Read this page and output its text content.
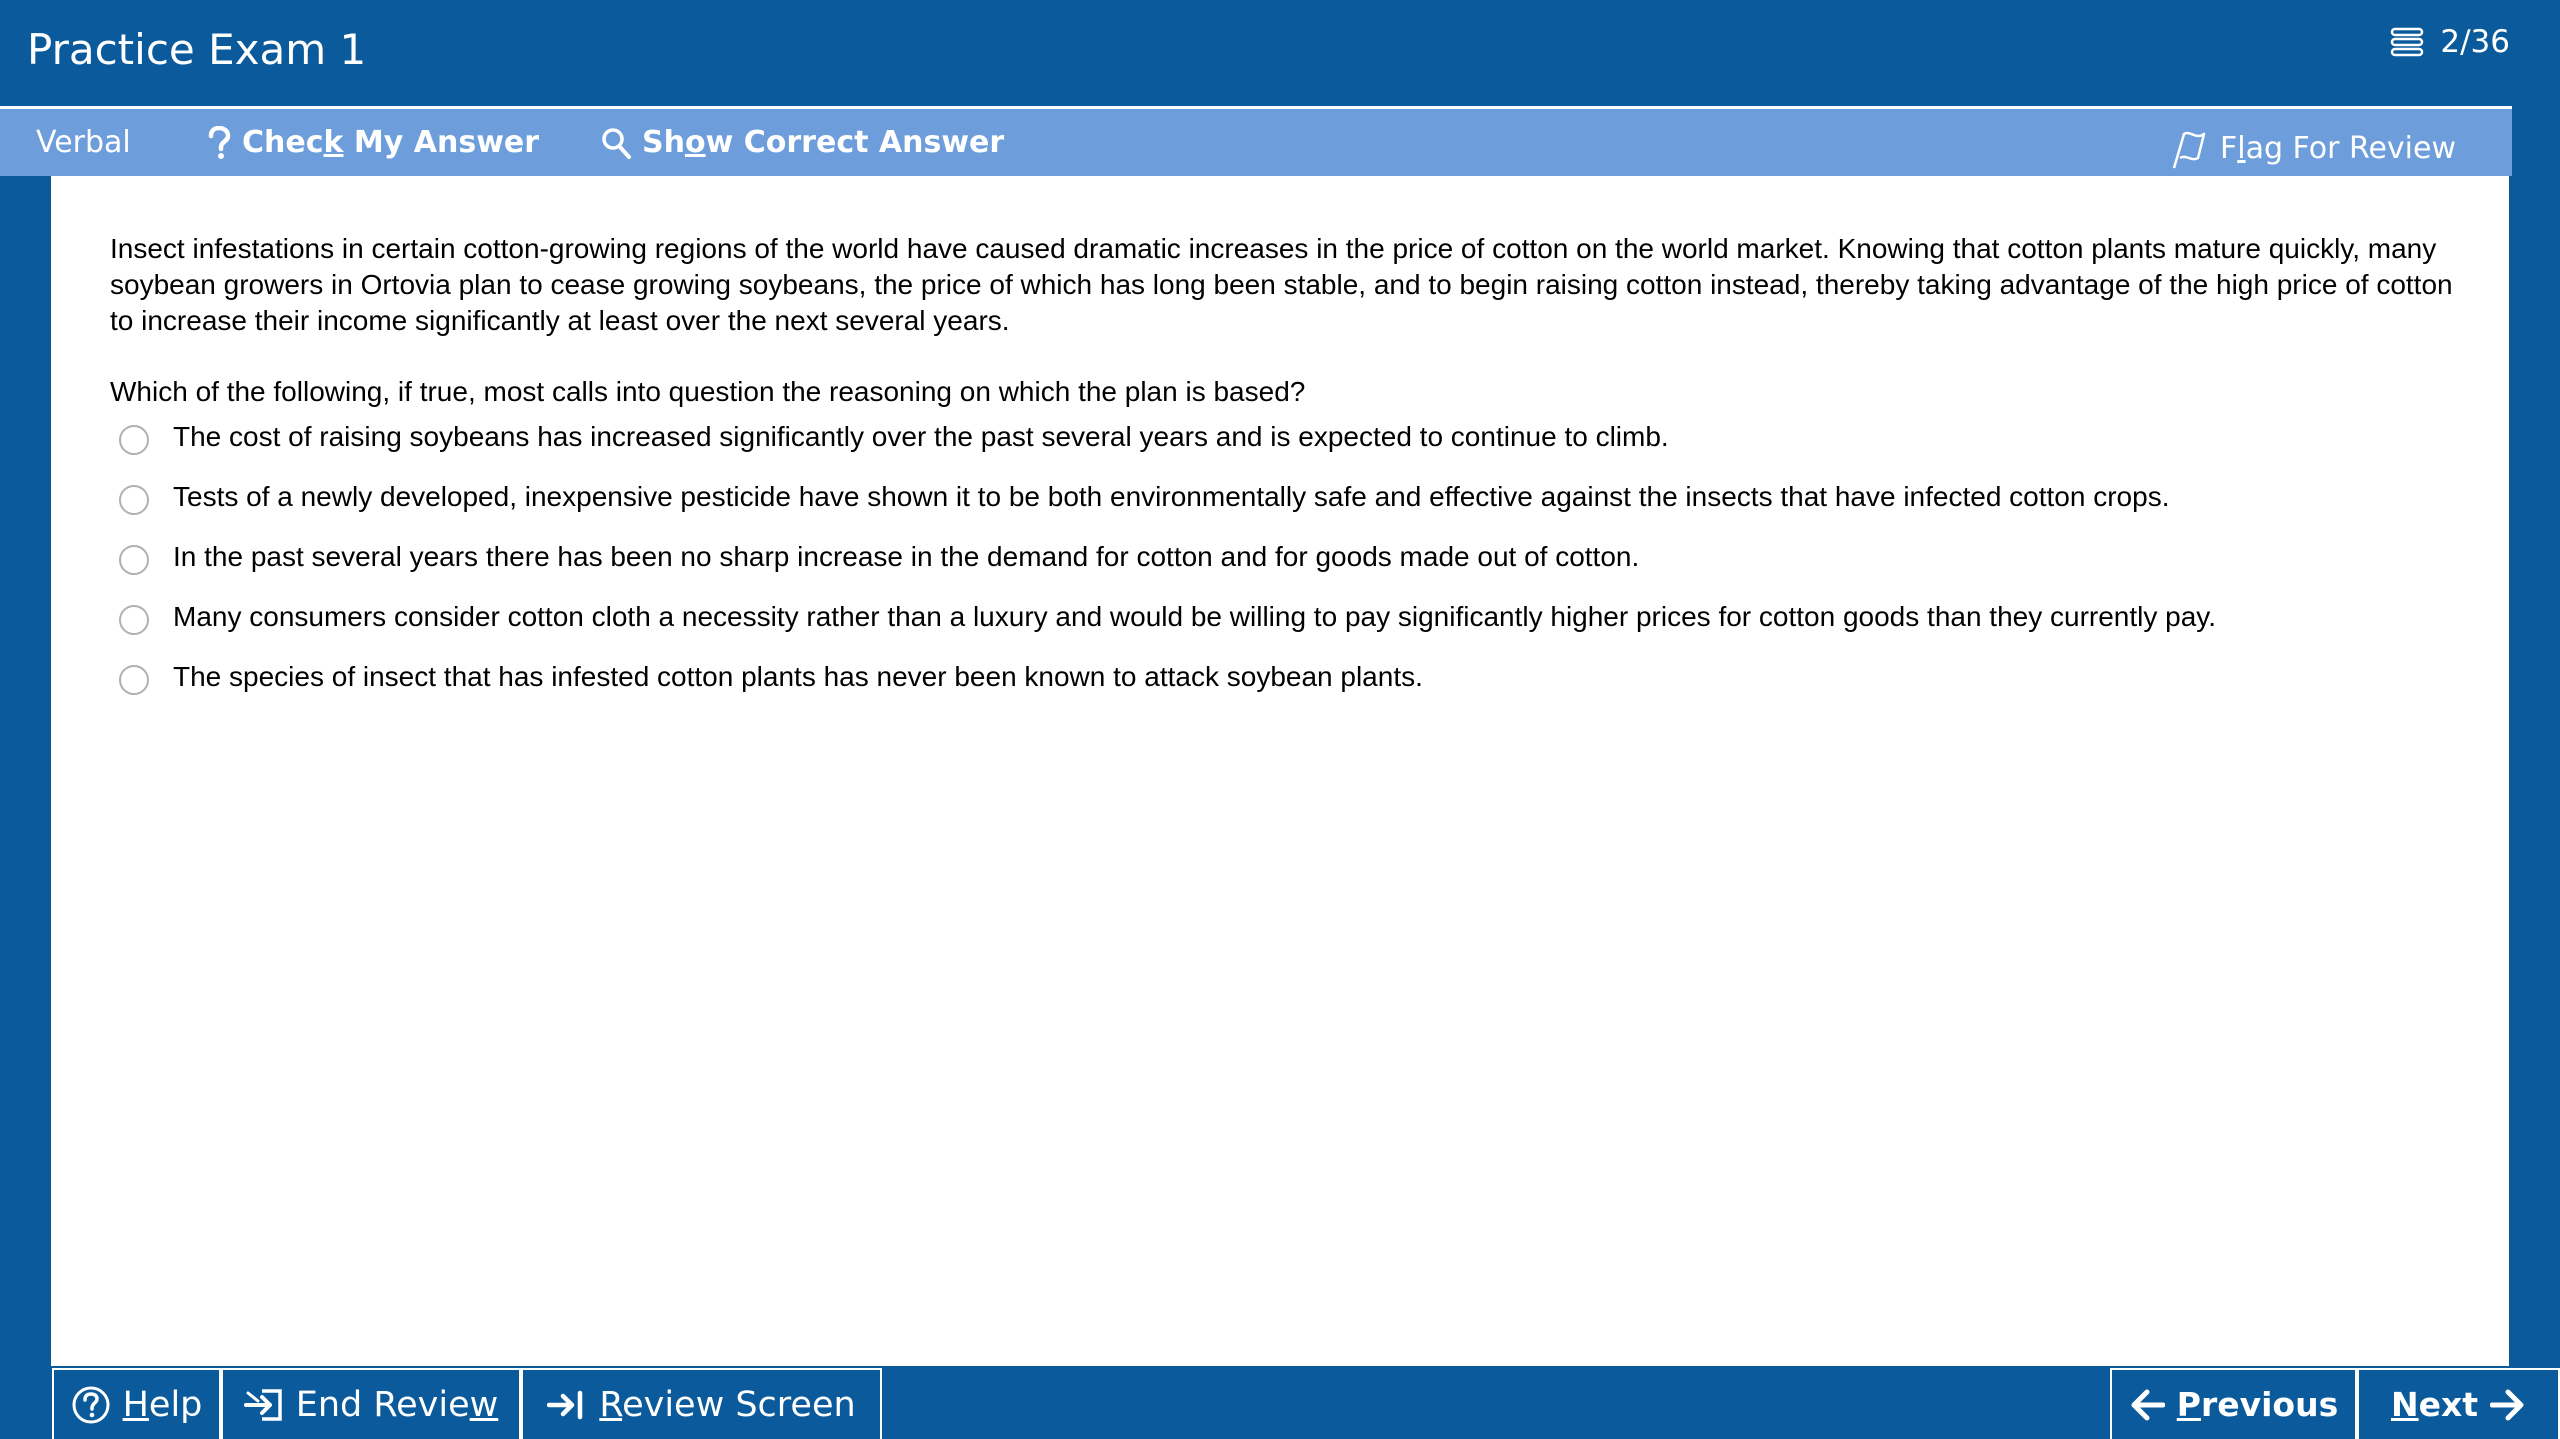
Practice Exam 1	2/36
Verbal	Check My Answer	Show Correct Answer	Flag For Review

Insect infestations in certain cotton-growing regions of the world have caused dramatic increases in the price of cotton on the world market. Knowing that cotton plants mature quickly, many soybean growers in Ortovia plan to cease growing soybeans, the price of which has long been stable, and to begin raising cotton instead, thereby taking advantage of the high price of cotton to increase their income significantly at least over the next several years.

Which of the following, if true, most calls into question the reasoning on which the plan is based?

The cost of raising soybeans has increased significantly over the past several years and is expected to continue to climb.
Tests of a newly developed, inexpensive pesticide have shown it to be both environmentally safe and effective against the insects that have infected cotton crops.
In the past several years there has been no sharp increase in the demand for cotton and for goods made out of cotton.
Many consumers consider cotton cloth a necessity rather than a luxury and would be willing to pay significantly higher prices for cotton goods than they currently pay.
The species of insect that has infested cotton plants has never been known to attack soybean plants.
Help	End Review	Review Screen	Previous Next
